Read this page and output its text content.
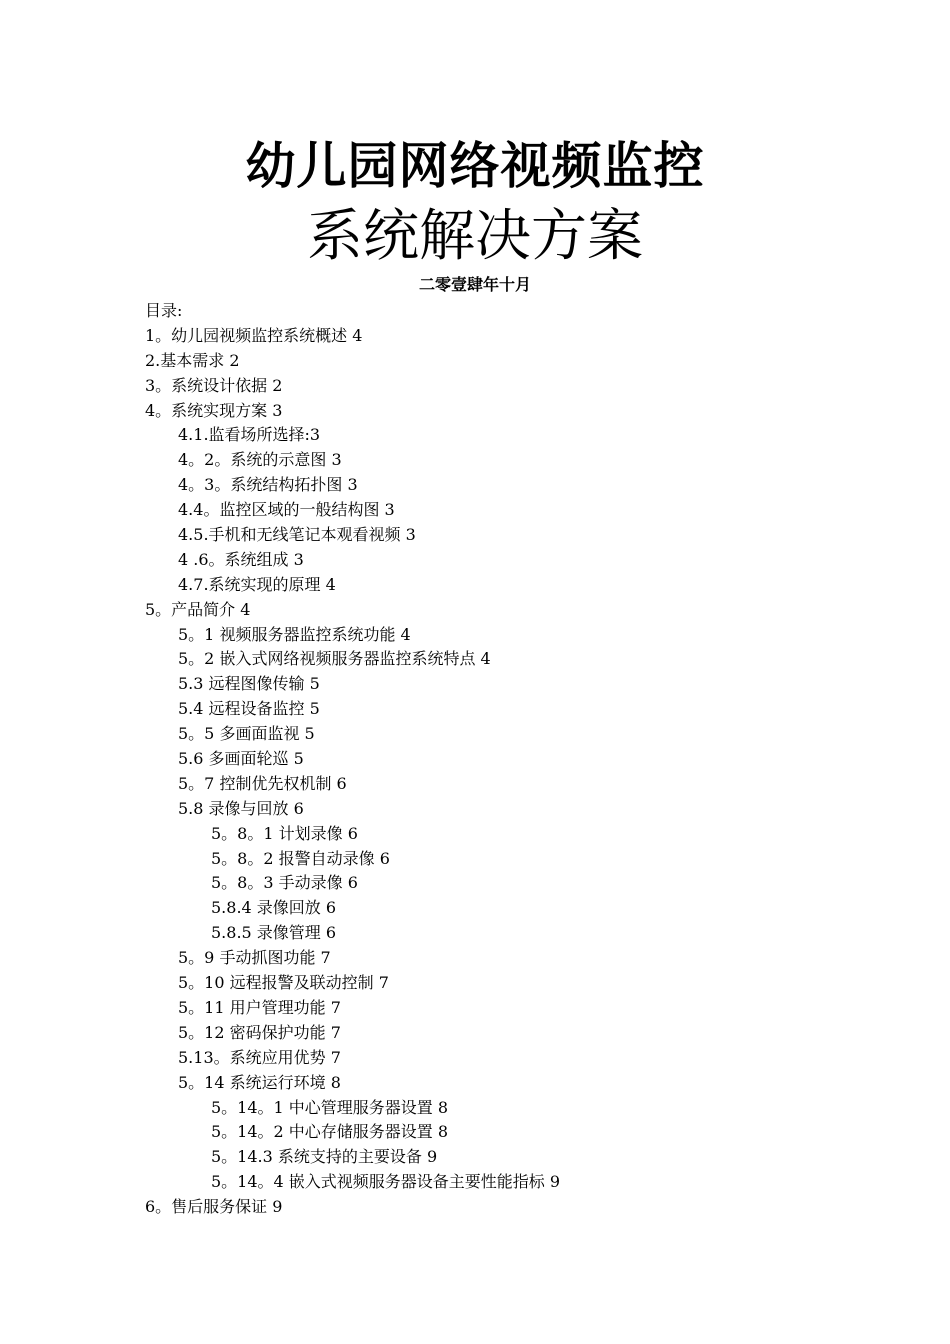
幼儿园网络视频监控
系统解决方案
二零壹肆年十月
目录:
1。幼儿园视频监控系统概述 4
2.基本需求 2
3。系统设计依据 2
4。系统实现方案 3
4.1.监看场所选择:3
4。2。系统的示意图 3
4。3。系统结构拓扑图 3
4.4。监控区域的一般结构图 3
4.5.手机和无线笔记本观看视频 3
4 .6。系统组成 3
4.7.系统实现的原理 4
5。产品简介 4
5。1 视频服务器监控系统功能 4
5。2 嵌入式网络视频服务器监控系统特点 4
5.3 远程图像传输 5
5.4 远程设备监控 5
5。5 多画面监视 5
5.6 多画面轮巡 5
5。7 控制优先权机制 6
5.8 录像与回放 6
5。8。1 计划录像 6
5。8。2 报警自动录像 6
5。8。3 手动录像 6
5.8.4 录像回放 6
5.8.5 录像管理 6
5。9 手动抓图功能 7
5。10 远程报警及联动控制 7
5。11 用户管理功能 7
5。12 密码保护功能 7
5.13。系统应用优势 7
5。14 系统运行环境 8
5。14。1 中心管理服务器设置 8
5。14。2 中心存储服务器设置 8
5。14.3 系统支持的主要设备 9
5。14。4 嵌入式视频服务器设备主要性能指标 9
6。售后服务保证 9
